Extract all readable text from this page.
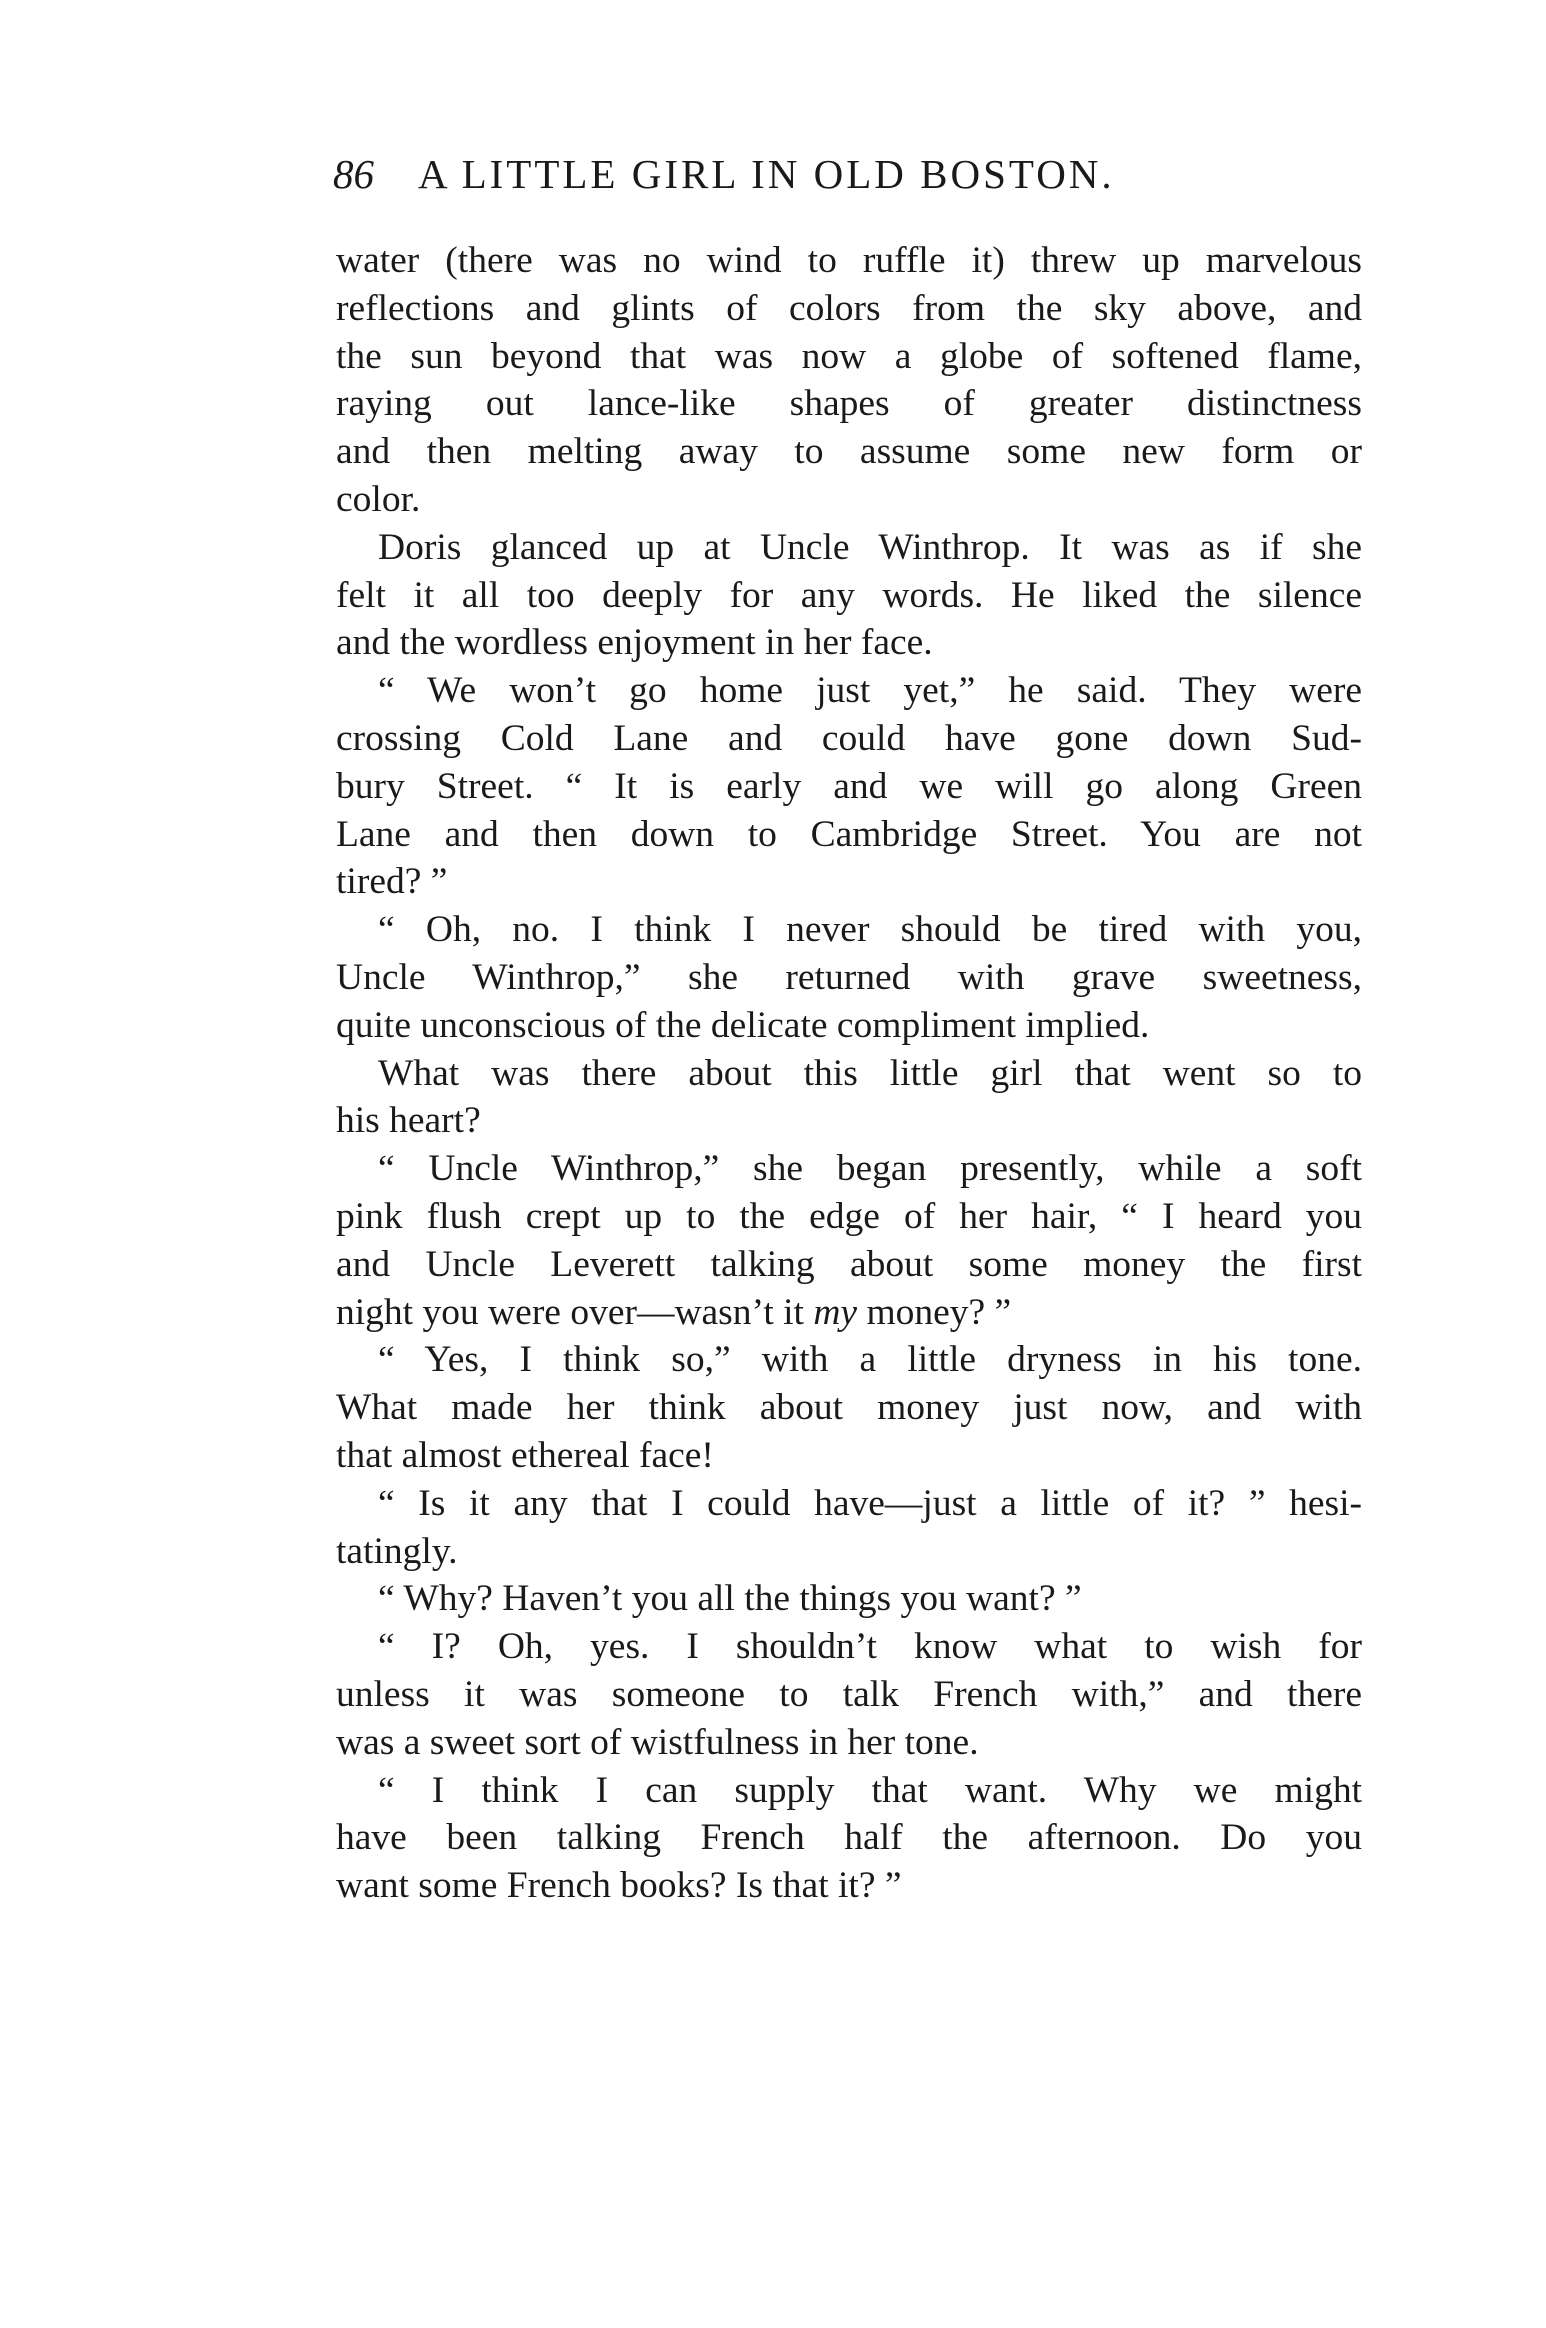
86	A LITTLE GIRL IN OLD BOSTON.
water (there was no wind to ruffle it) threw up marvelous
reflections and glints of colors from the sky above, and
the sun beyond that was now a globe of softened flame,
raying out lance-like shapes of greater distinctness
and then melting away to assume some new form or
color.
Doris glanced up at Uncle Winthrop. It was as if she
felt it all too deeply for any words. He liked the silence
and the wordless enjoyment in her face.
“ We won’t go home just yet,” he said. They were
crossing Cold Lane and could have gone down Sud-
bury Street. “ It is early and we will go along Green
Lane and then down to Cambridge Street. You are not
tired? ”
“ Oh, no. I think I never should be tired with you,
Uncle Winthrop,” she returned with grave sweetness,
quite unconscious of the delicate compliment implied.
What was there about this little girl that went so to
his heart?
“ Uncle Winthrop,” she began presently, while a soft
pink flush crept up to the edge of her hair, “ I heard you
and Uncle Leverett talking about some money the first
night you were over—wasn’t it my money? ”
“ Yes, I think so,” with a little dryness in his tone.
What made her think about money just now, and with
that almost ethereal face!
“ Is it any that I could have—just a little of it? ” hesi-
tatingly.
“ Why? Haven’t you all the things you want? ”
“ I? Oh, yes. I shouldn’t know what to wish for
unless it was someone to talk French with,” and there
was a sweet sort of wistfulness in her tone.
“ I think I can supply that want. Why we might
have been talking French half the afternoon. Do you
want some French books? Is that it? ”
